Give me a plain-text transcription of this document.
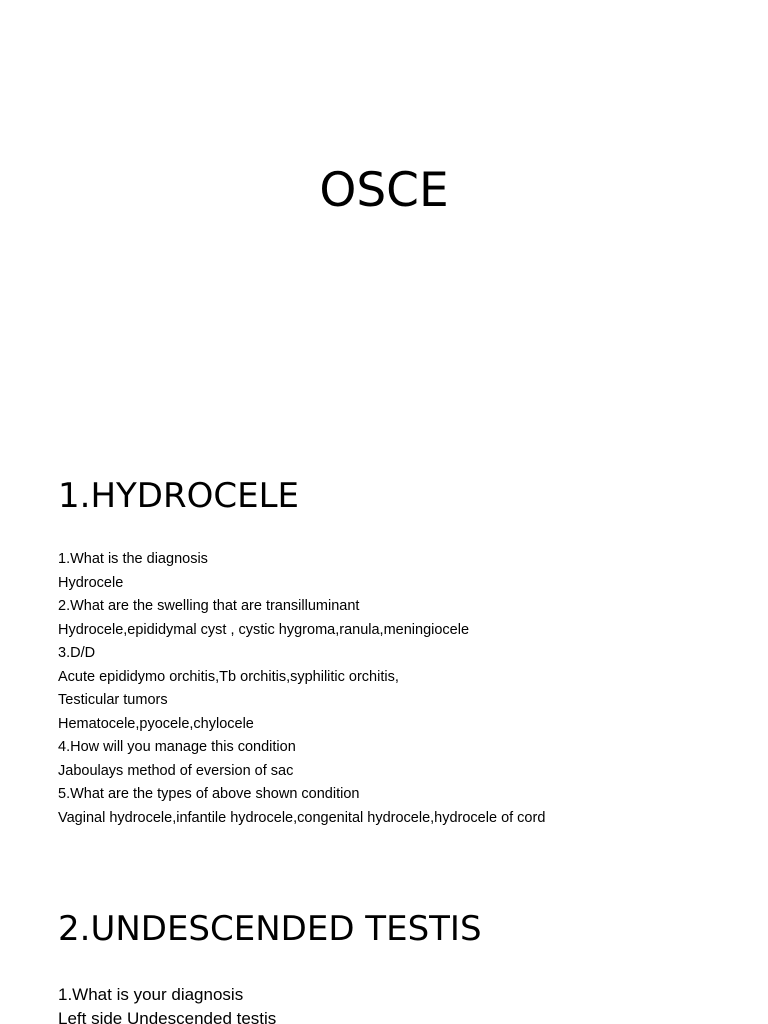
OSCE
1.HYDROCELE
1.What is the diagnosis
Hydrocele
2.What are the swelling that are transilluminant
Hydrocele,epididymal cyst , cystic hygroma,ranula,meningiocele
3.D/D
Acute epididymo orchitis,Tb orchitis,syphilitic orchitis,
Testicular tumors
Hematocele,pyocele,chylocele
4.How will you manage this condition
Jaboulays method of eversion of sac
5.What are the types of above shown condition
Vaginal hydrocele,infantile hydrocele,congenital hydrocele,hydrocele of cord
2.UNDESCENDED TESTIS
1.What is your diagnosis
Left side Undescended testis
